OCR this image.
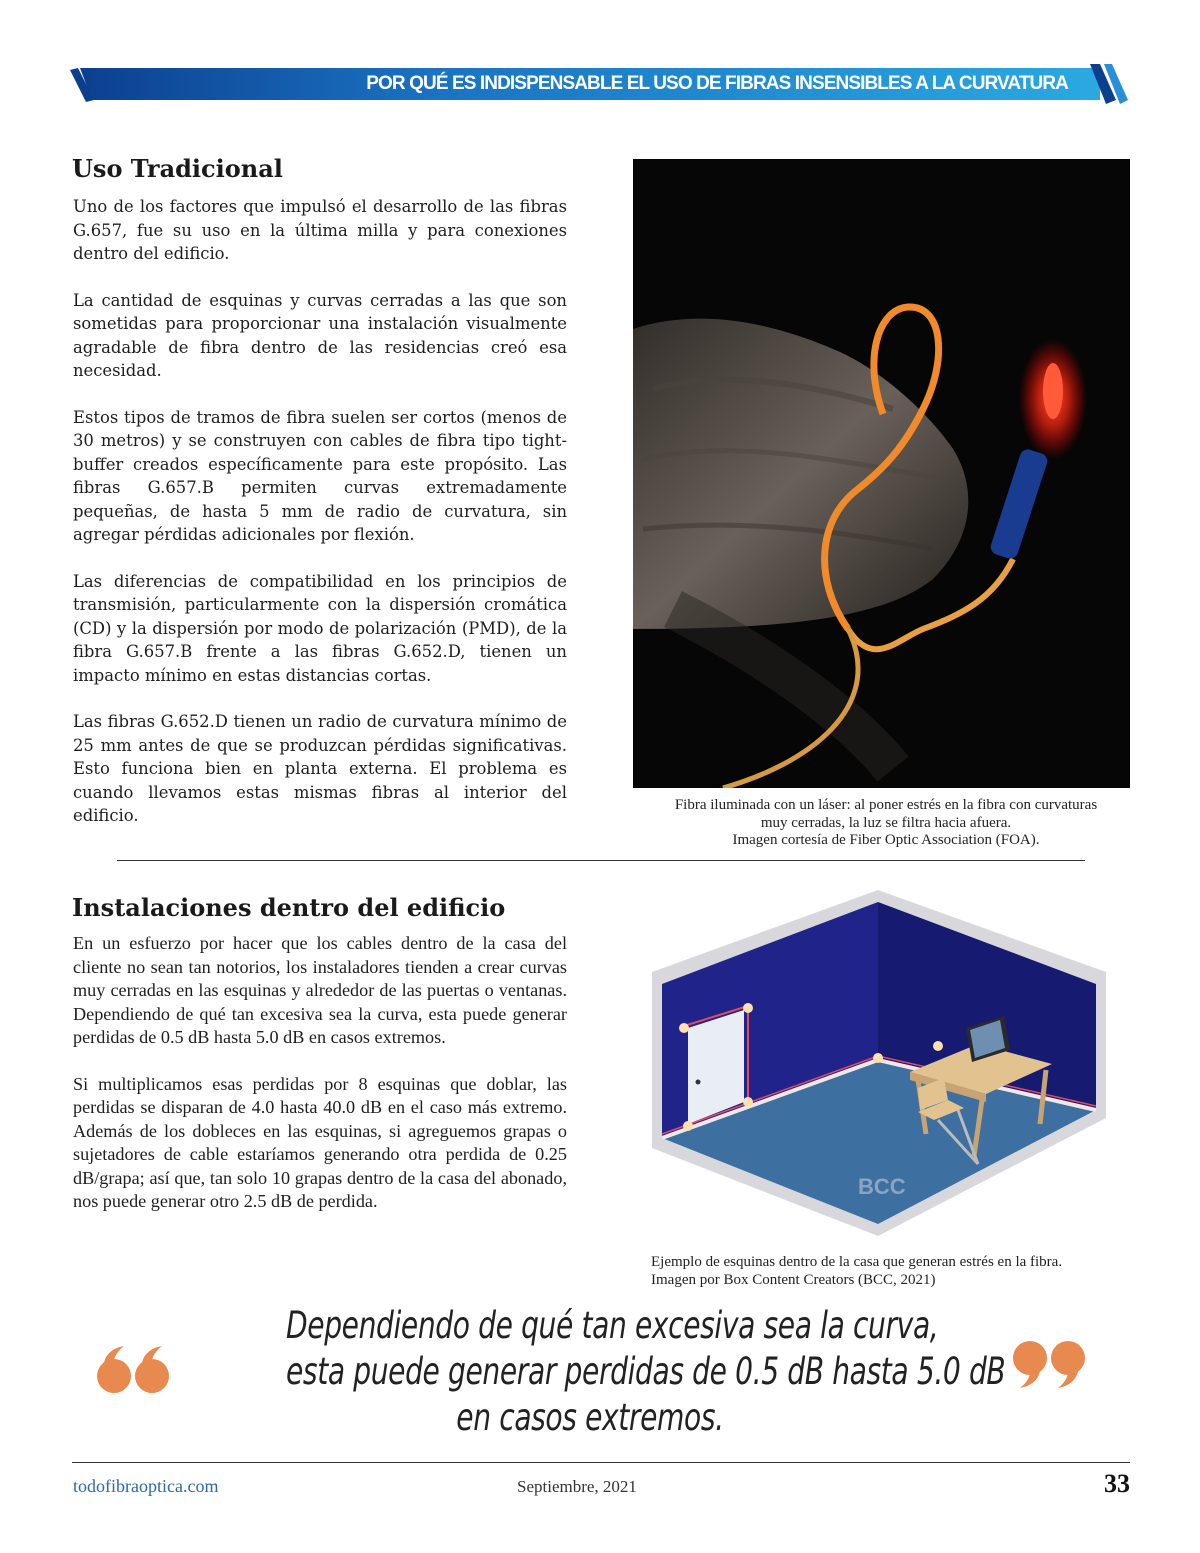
POR QUÉ ES INDISPENSABLE EL USO DE FIBRAS INSENSIBLES A LA CURVATURA
Uso Tradicional

Uno de los factores que impulsó el desarrollo de las fibras G.657, fue su uso en la última milla y para conexiones dentro del edificio.

La cantidad de esquinas y curvas cerradas a las que son sometidas para proporcionar una instalación visualmente agradable de fibra dentro de las residencias creó esa necesidad.

Estos tipos de tramos de fibra suelen ser cortos (menos de 30 metros) y se construyen con cables de fibra tipo tight-buffer creados específicamente para este propósito. Las fibras G.657.B permiten curvas extremadamente pequeñas, de hasta 5 mm de radio de curvatura, sin agregar pérdidas adicionales por flexión.

Las diferencias de compatibilidad en los principios de transmisión, particularmente con la dispersión cromática (CD) y la dispersión por modo de polarización (PMD), de la fibra G.657.B frente a las fibras G.652.D, tienen un impacto mínimo en estas distancias cortas.

Las fibras G.652.D tienen un radio de curvatura mínimo de 25 mm antes de que se produzcan pérdidas significativas. Esto funciona bien en planta externa. El problema es cuando llevamos estas mismas fibras al interior del edificio.

Fibra iluminada con un láser: al poner estrés en la fibra con curvaturas
muy cerradas, la luz se filtra hacia afuera.
Imagen cortesía de Fiber Optic Association (FOA).
Instalaciones dentro del edificio

En un esfuerzo por hacer que los cables dentro de la casa del cliente no sean tan notorios, los instaladores tienden a crear curvas muy cerradas en las esquinas y alrededor de las puertas o ventanas. Dependiendo de qué tan excesiva sea la curva, esta puede generar perdidas de 0.5 dB hasta 5.0 dB en casos extremos.

Si multiplicamos esas perdidas por 8 esquinas que doblar, las perdidas se disparan de 4.0 hasta 40.0 dB en el caso más extremo. Además de los dobleces en las esquinas, si agreguemos grapas o sujetadores de cable estaríamos generando otra perdida de 0.25 dB/grapa; así que, tan solo 10 grapas dentro de la casa del abonado, nos puede generar otro 2.5 dB de perdida.

BCC
Ejemplo de esquinas dentro de la casa que generan estrés en la fibra.
Imagen por Box Content Creators (BCC, 2021)
Dependiendo de qué tan excesiva sea la curva,
esta puede generar perdidas de 0.5 dB hasta 5.0 dB
en casos extremos.
todofibraoptica.com	Septiembre, 2021	33
